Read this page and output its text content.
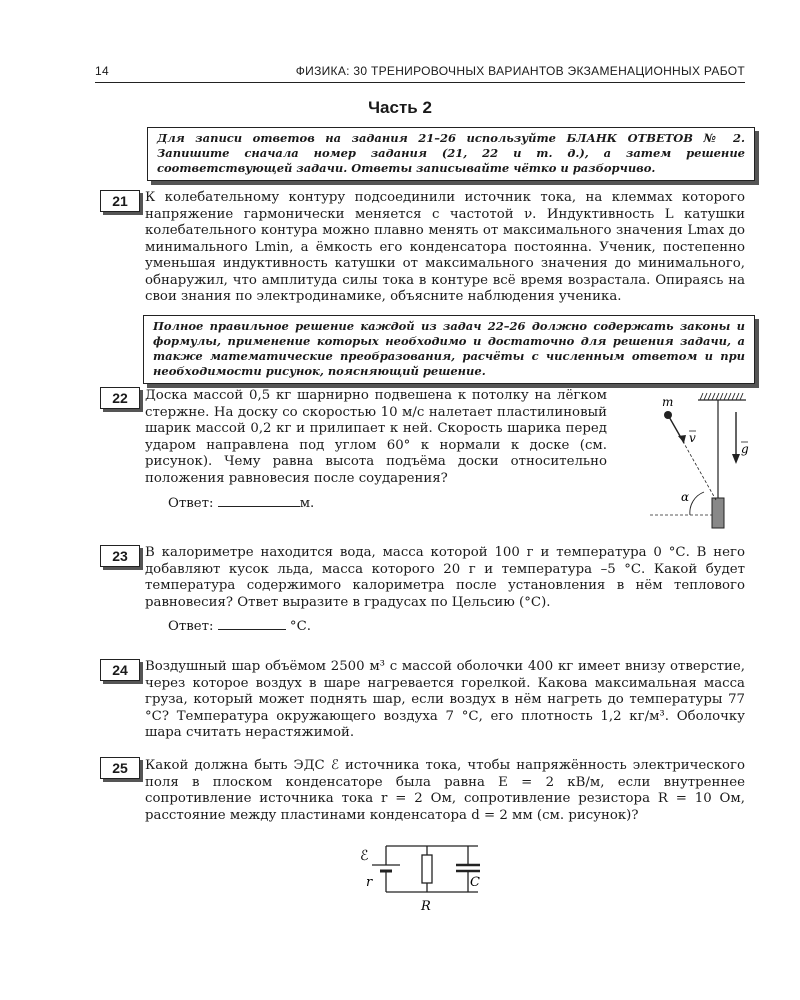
14	ФИЗИКА: 30 ТРЕНИРОВОЧНЫХ ВАРИАНТОВ ЭКЗАМЕНАЦИОННЫХ РАБОТ
Часть 2
Для записи ответов на задания 21–26 используйте БЛАНК ОТВЕТОВ № 2. Запишите сначала номер задания (21, 22 и т. д.), а затем решение соответствующей задачи. Ответы записывайте чётко и разборчиво.
21	К колебательному контуру подсоединили источник тока, на клеммах которого напряжение гармонически меняется с частотой ν. Индуктивность L катушки колебательного контура можно плавно менять от максимального значения Lmax до минимального Lmin, а ёмкость его конденсатора постоянна. Ученик, постепенно уменьшая индуктивность катушки от максимального значения до минимального, обнаружил, что амплитуда силы тока в контуре всё время возрастала. Опираясь на свои знания по электродинамике, объясните наблюдения ученика.
Полное правильное решение каждой из задач 22–26 должно содержать законы и формулы, применение которых необходимо и достаточно для решения задачи, а также математические преобразования, расчёты с численным ответом и при необходимости рисунок, поясняющий решение.
22	Доска массой 0,5 кг шарнирно подвешена к потолку на лёгком стержне. На доску со скоростью 10 м/с налетает пластилиновый шарик массой 0,2 кг и прилипает к ней. Скорость шарика перед ударом направлена под углом 60° к нормали к доске (см. рисунок). Чему равна высота подъёма доски относительно положения равновесия после соударения?
Ответ:	м.
m
v
g
α
23	В калориметре находится вода, масса которой 100 г и температура 0 °С. В него добавляют кусок льда, масса которого 20 г и температура –5 °С. Какой будет температура содержимого калориметра после установления в нём теплового равновесия? Ответ выразите в градусах по Цельсию (°С).
Ответ:	°С.
24	Воздушный шар объёмом 2500 м³ с массой оболочки 400 кг имеет внизу отверстие, через которое воздух в шаре нагревается горелкой. Какова максимальная масса груза, который может поднять шар, если воздух в нём нагреть до температуры 77 °С? Температура окружающего воздуха 7 °С, его плотность 1,2 кг/м³. Оболочку шара считать нерастяжимой.
25	Какой должна быть ЭДС ℰ источника тока, чтобы напряжённость электрического поля в плоском конденсаторе была равна E = 2 кВ/м, если внутреннее сопротивление источника тока r = 2 Ом, сопротивление резистора R = 10 Ом, расстояние между пластинами конденсатора d = 2 мм (см. рисунок)?
ℰ
r	C
R
